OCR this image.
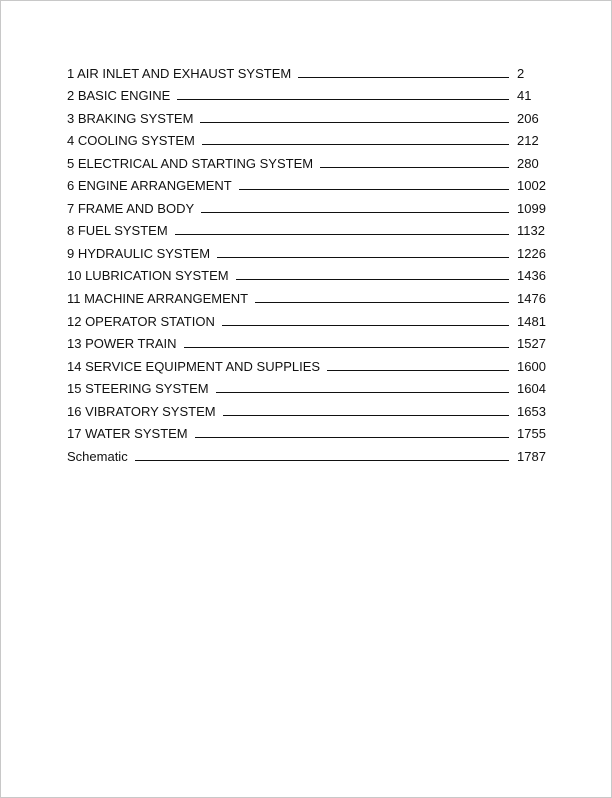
1 AIR INLET AND EXHAUST SYSTEM	2
2 BASIC ENGINE	41
3 BRAKING SYSTEM	206
4 COOLING SYSTEM	212
5 ELECTRICAL AND STARTING SYSTEM	280
6 ENGINE ARRANGEMENT	1002
7 FRAME AND BODY	1099
8 FUEL SYSTEM	1132
9 HYDRAULIC SYSTEM	1226
10 LUBRICATION SYSTEM	1436
11 MACHINE ARRANGEMENT	1476
12 OPERATOR STATION	1481
13 POWER TRAIN	1527
14 SERVICE EQUIPMENT AND SUPPLIES	1600
15 STEERING SYSTEM	1604
16 VIBRATORY SYSTEM	1653
17 WATER SYSTEM	1755
Schematic	1787
